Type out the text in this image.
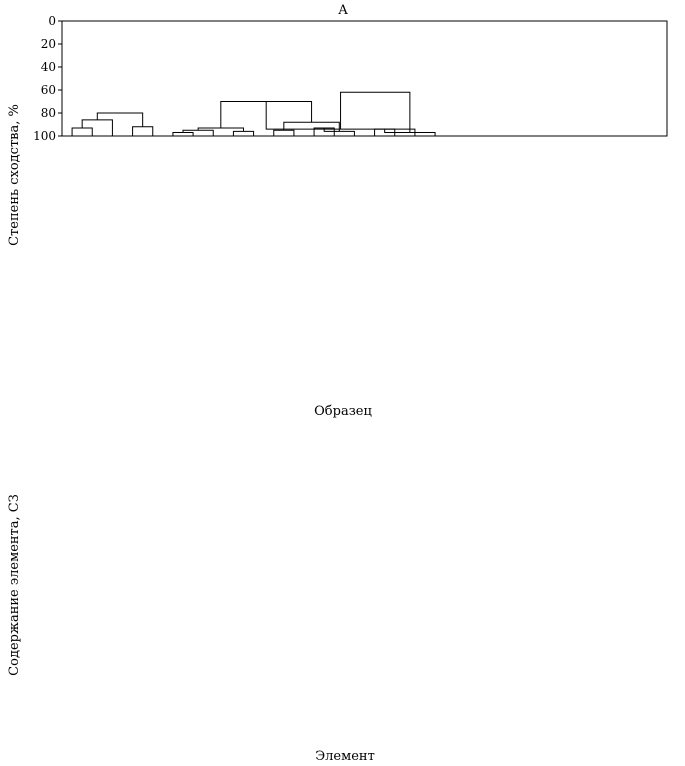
Степень сходства, %
Содержание элемента, СЗ
Образец
Элемент
А
0
20
40
60
80
100
